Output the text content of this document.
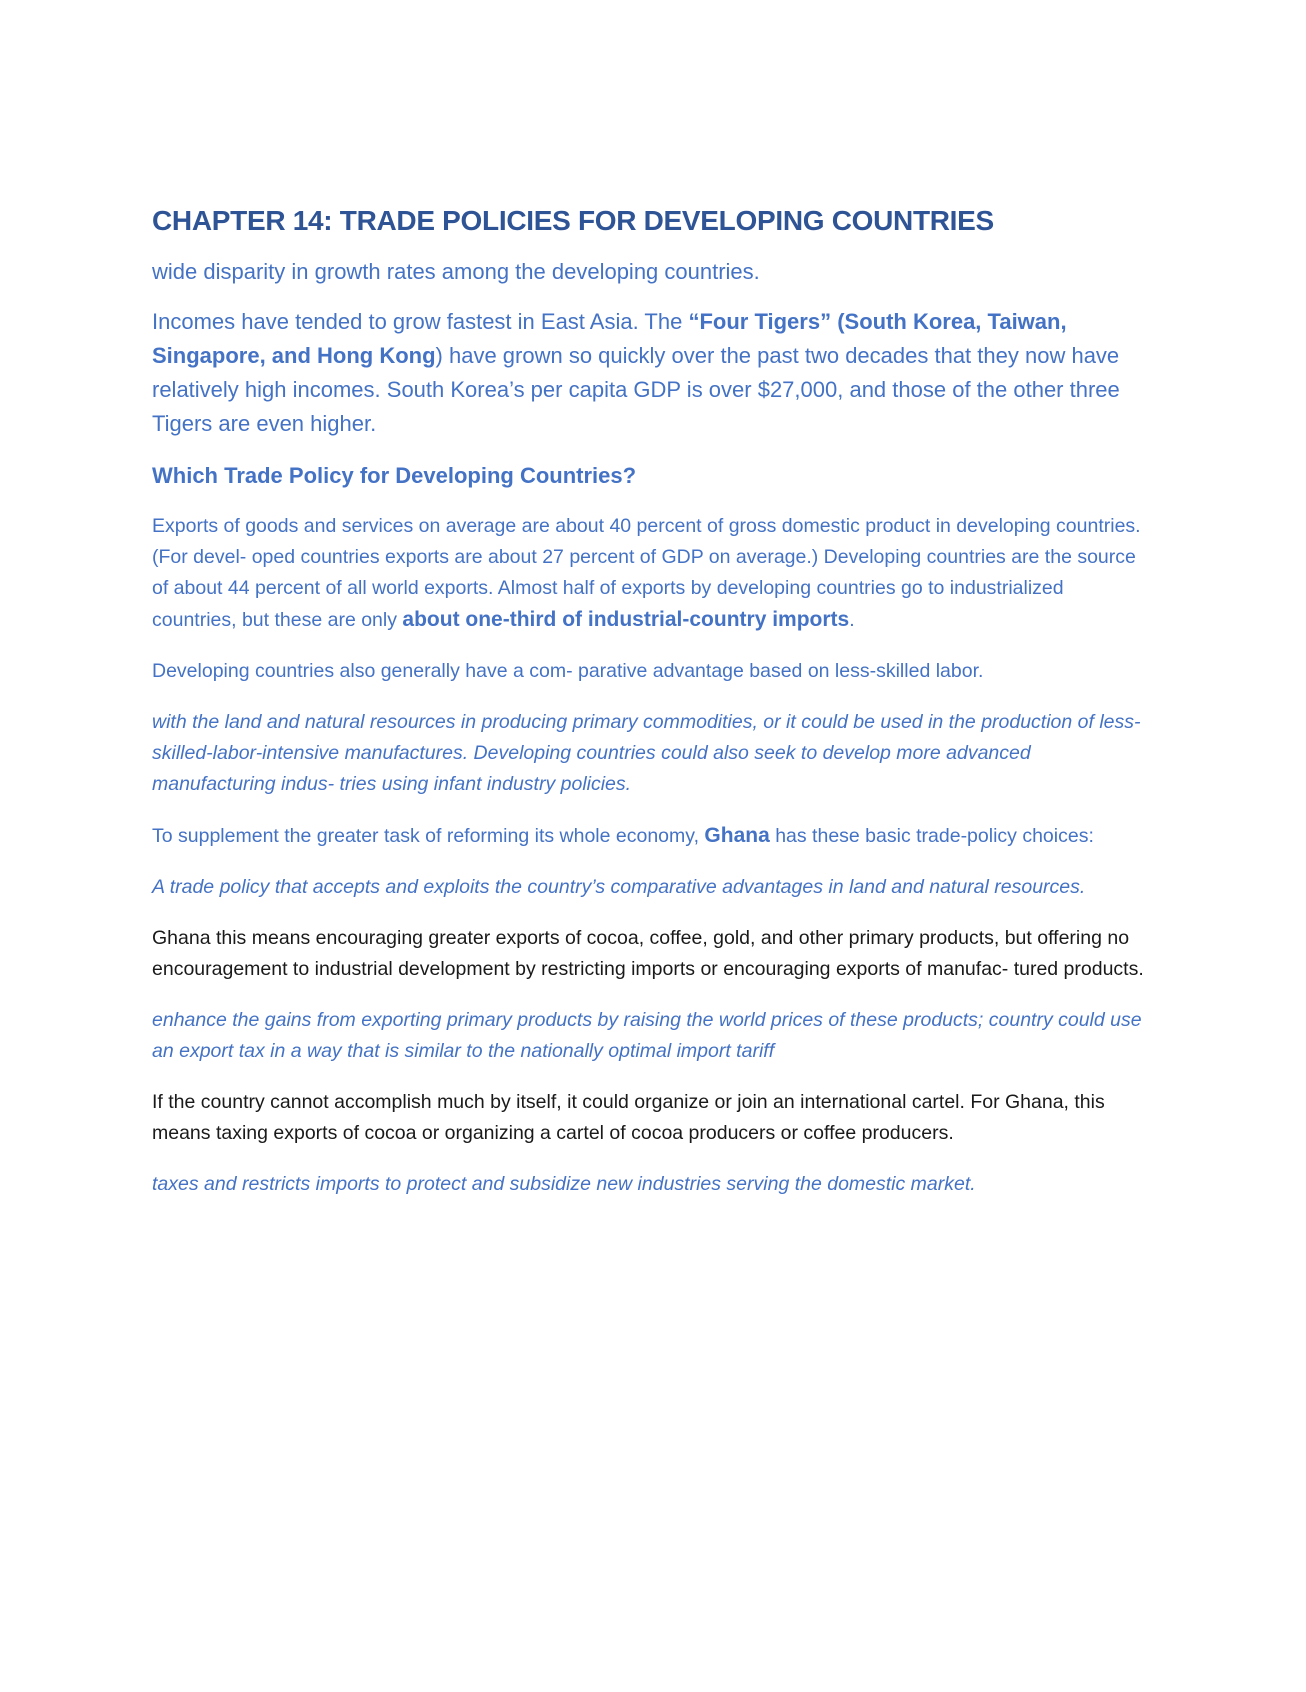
CHAPTER 14: TRADE POLICIES FOR DEVELOPING COUNTRIES

wide disparity in growth rates among the developing countries.

Incomes have tended to grow fastest in East Asia. The “Four Tigers” (South Korea, Taiwan, Singapore, and Hong Kong) have grown so quickly over the past two decades that they now have relatively high incomes. South Korea’s per capita GDP is over $27,000, and those of the other three Tigers are even higher.

Which Trade Policy for Developing Countries?

Exports of goods and services on average are about 40 percent of gross domestic product in developing countries. (For devel- oped countries exports are about 27 percent of GDP on average.) Developing countries are the source of about 44 percent of all world exports. Almost half of exports by developing countries go to industrialized countries, but these are only about one-third of industrial-country imports.

Developing countries also generally have a com- parative advantage based on less-skilled labor.

with the land and natural resources in producing primary commodities, or it could be used in the production of less-skilled-labor-intensive manufactures. Developing countries could also seek to develop more advanced manufacturing indus- tries using infant industry policies.

To supplement the greater task of reforming its whole economy, Ghana has these basic trade-policy choices:

A trade policy that accepts and exploits the country’s comparative advantages in land and natural resources.

Ghana this means encouraging greater exports of cocoa, coffee, gold, and other primary products, but offering no encouragement to industrial development by restricting imports or encouraging exports of manufac- tured products.

enhance the gains from exporting primary products by raising the world prices of these products; country could use an export tax in a way that is similar to the nationally optimal import tariff

If the country cannot accomplish much by itself, it could organize or join an international cartel. For Ghana, this means taxing exports of cocoa or organizing a cartel of cocoa producers or coffee producers.

taxes and restricts imports to protect and subsidize new industries serving the domestic market.
